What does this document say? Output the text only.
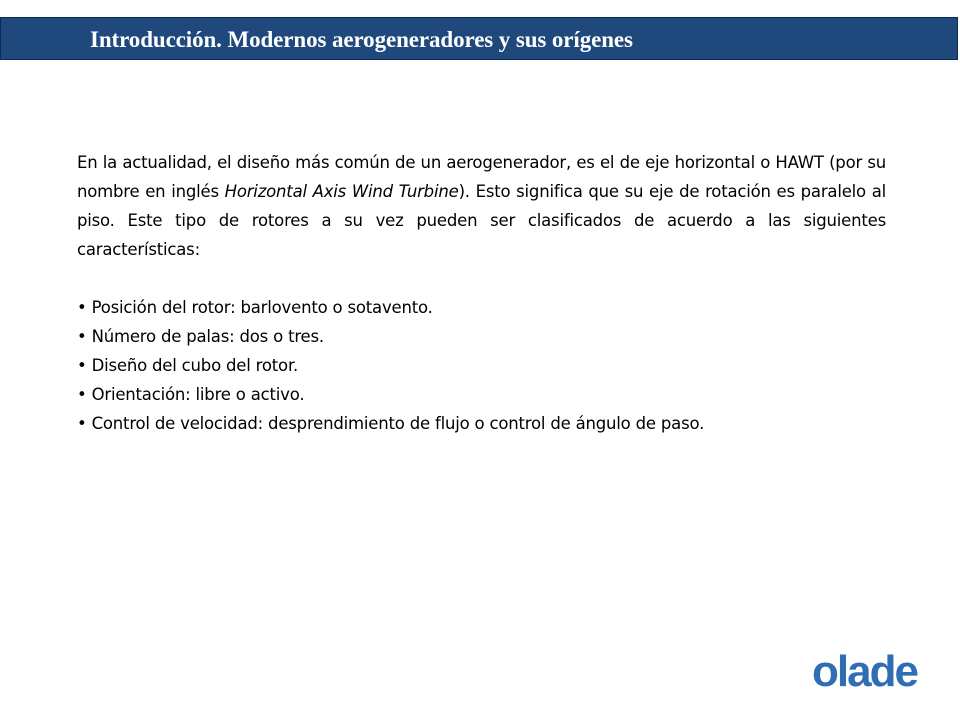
Introducción. Modernos aerogeneradores y sus orígenes

En la actualidad, el diseño más común de un aerogenerador, es el de eje horizontal o HAWT (por su nombre en inglés Horizontal Axis Wind Turbine). Esto significa que su eje de rotación es paralelo al piso. Este tipo de rotores a su vez pueden ser clasificados de acuerdo a las siguientes características:

• Posición del rotor: barlovento o sotavento.
• Número de palas: dos o tres.
• Diseño del cubo del rotor.
• Orientación: libre o activo.
• Control de velocidad: desprendimiento de flujo o control de ángulo de paso.
olade
